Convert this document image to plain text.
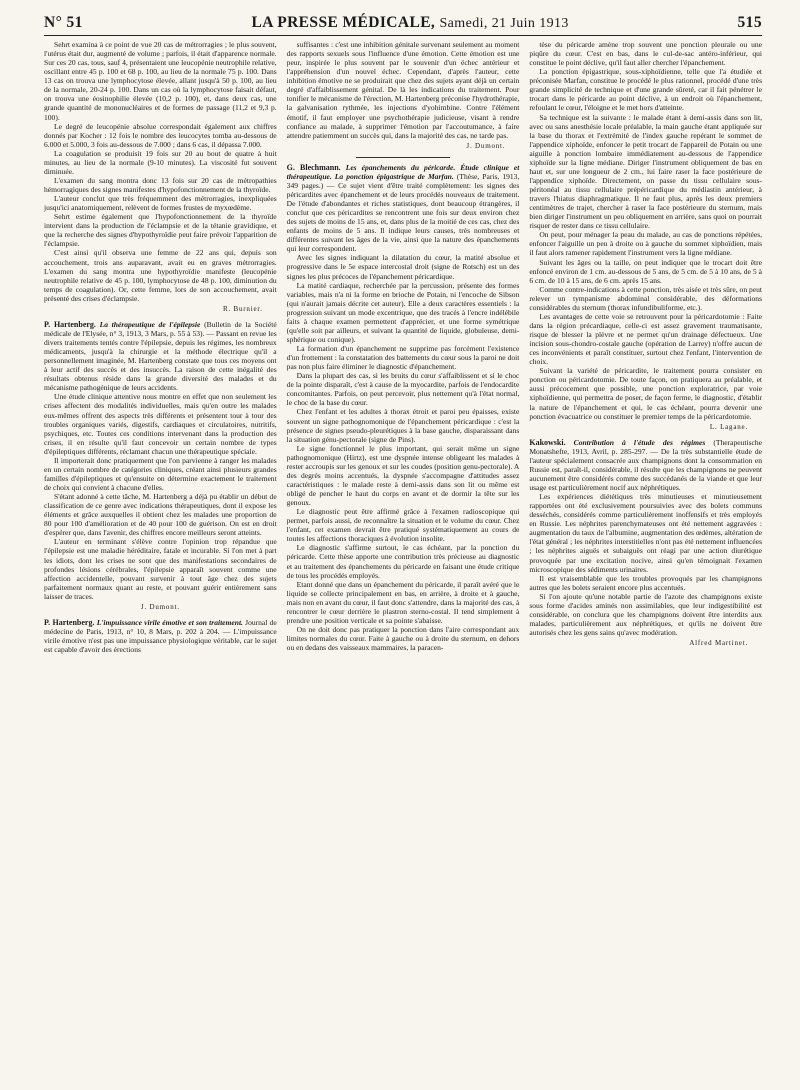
N° 51	LA PRESSE MÉDICALE, Samedi, 21 Juin 1913	515

Sehrt examina à ce point de vue 20 cas de métrorragies ; le plus souvent, l'utérus était dur, augmenté de volume ; parfois, il était d'apparence normale. Sur ces 20 cas, tous, sauf 4, présentaient une leucopénie neutrophile relative, oscillant entre 45 p. 100 et 68 p. 100, au lieu de la normale 75 p. 100. Dans 13 cas on trouva une lymphocytose élevée, allant jusqu'à 50 p. 100, au lieu de la normale, 20-24 p. 100. Dans un cas où la lymphocytose faisait défaut, on trouva une éosinophilie élevée (10,2 p. 100), et, dans deux cas, une grande quantité de mononucléaires et de formes de passage (11,2 et 9,3 p. 100).

Le degré de leucopénie absolue correspondait également aux chiffres donnés par Kocher : 12 fois le nombre des leucocytes tomba au-dessous de 6.000 et 5.000, 3 fois au-dessous de 7.000 ; dans 6 cas, il dépassa 7.000.

La coagulation se produisit 19 fois sur 20 au bout de quatre à huit minutes, au lieu de la normale (9-10 minutes). La viscosité fut souvent diminuée.

L'examen du sang montra donc 13 fois sur 20 cas de métropathies hémorragiques des signes manifestes d'hypofonctionnement de la thyroïde.

L'auteur conclut que très fréquemment des métrorragies, inexpliquées jusqu'ici anatomiquement, relèvent de formes frustes de myxœdème.

Sehrt estime également que l'hypofonctionnement de la thyroïde intervient dans la production de l'éclampsie et de la tétanie gravidique, et que la recherche des signes d'hypothyroïdie peut faire prévoir l'apparition de l'éclampsie.

C'est ainsi qu'il observa une femme de 22 ans qui, depuis son accouchement, trois ans auparavant, avait eu en graves métrorragies. L'examen du sang montra une hypothyroïdie manifeste (leucopénie neutrophile relative de 45 p. 100, lymphocytose de 48 p. 100, diminution du temps de coagulation). Or, cette femme, lors de son accouchement, avait présenté des crises d'éclampsie.

R. Burnier.

P. Hartenberg. La thérapeutique de l'épilepsie (Bulletin de la Société médicale de l'Elysée, n° 3, 1913, 3 Mars, p. 55 à 53). — Passant en revue les divers traitements tentés contre l'épilepsie, depuis les régimes, les nombreux médicaments, jusqu'à la chirurgie et la méthode électrique qu'il a personnellement imaginée, M. Hartenberg constate que tous ces moyens ont à leur actif des succès et des insuccès. La raison de cette inégalité des résultats obtenus réside dans la grande diversité des malades et du mécanisme pathogénique de leurs accidents.

Une étude clinique attentive nous montre en effet que non seulement les crises affectent des modalités individuelles, mais qu'en outre les malades eux-mêmes offrent des aspects très différents et présentent tour à tour des troubles organiques variés, digestifs, cardiaques et circulatoires, nutritifs, psychiques, etc. Toutes ces conditions intervenant dans la production des crises, il en résulte qu'il faut concevoir un certain nombre de types d'épileptiques différents, réclamant chacun une thérapeutique spéciale.

Il importerait donc pratiquement que l'on parvienne à ranger les malades en un certain nombre de catégories cliniques, créant ainsi plusieurs grandes familles d'épileptiques et qu'ensuite on détermine exactement le traitement de choix qui convient à chacune d'elles.

S'étant adonné à cette tâche, M. Hartenberg a déjà pu établir un début de classification de ce genre avec indications thérapeutiques, dont il expose les éléments et grâce auxquelles il obtient chez les malades une proportion de 80 pour 100 d'amélioration et de 40 pour 100 de guérison. On est en droit d'espérer que, dans l'avenir, des chiffres encore meilleurs seront atteints.

L'auteur en terminant s'élève contre l'opinion trop répandue que l'épilepsie est une maladie héréditaire, fatale et incurable. Si l'on met à part les idiots, dont les crises ne sont que des manifestations secondaires de profondes lésions cérébrales, l'épilepsie apparaît souvent comme une affection accidentelle, pouvant survenir à tout âge chez des sujets parfaitement normaux quant au reste, et pouvant guérir entièrement sans laisser de traces.

J. Dumont.

P. Hartenberg. L'impuissance virile émotive et son traitement. Journal de médecine de Paris, 1913, n° 10, 8 Mars, p. 202 à 204. — L'impuissance virile émotive n'est pas une impuissance physiologique véritable, car le sujet est capable d'avoir des érections

suffisantes : c'est une inhibition génitale survenant seulement au moment des rapports sexuels sous l'influence d'une émotion. Cette émotion est une peur, inspirée le plus souvent par le souvenir d'un échec antérieur et l'appréhension d'un nouvel échec. Cependant, d'après l'auteur, cette inhibition émotive ne se produirait que chez des sujets ayant déjà un certain degré d'affaiblissement génital. De là les indications du traitement. Pour tonifier le mécanisme de l'érection, M. Hartenberg préconise l'hydrothérapie, la galvanisation rythmée, les injections d'yohimbine. Contre l'élément émotif, il faut employer une psychothérapie judicieuse, visant à rendre confiance au malade, à supprimer l'émotion par l'accoutumance, à faire attendre patiemment un succès qui, dans la majorité des cas, ne tarde pas.

J. Dumont.

G. Blechmann. Les épanchements du péricarde. Étude clinique et thérapeutique. La ponction épigastrique de Marfan. (Thèse, Paris, 1913, 349 pages.) — Ce sujet vient d'être traité complètement: les signes des péricardites avec épanchement et de leurs procédés nouveaux de traitement. De l'étude d'abondantes et riches statistiques, dont beaucoup étrangères, il conclut que ces péricardites se rencontrent une fois sur deux environ chez des sujets de moins de 15 ans, et, dans plus de la moitié de ces cas, chez des enfants de moins de 5 ans. Il indique leurs causes, très nombreuses et différentes suivant les âges de la vie, ainsi que la nature des épanchements qui leur correspondent.

Avec les signes indiquant la dilatation du cœur, la matité absolue et progressive dans le 5e espace intercostal droit (signe de Rotsch) est un des signes les plus précoces de l'épanchement péricardique.

La matité cardiaque, recherchée par la percussion, présente des formes variables, mais n'a ni la forme en brioche de Potain, ni l'encoche de Sibson (qui n'aurait jamais décrite cet auteur). Elle a deux caractères essentiels : la progression suivant un mode excentrique, que des tracés à l'encre indélébile faits à chaque examen permettent d'apprécier, et une forme symétrique (qu'elle soit par ailleurs, et suivant la quantité de liquide, globuleuse, demi-sphérique ou conique).

La formation d'un épanchement ne supprime pas forcément l'existence d'un frottement : la constatation des battements du cœur sous la paroi ne doit pas non plus faire éliminer le diagnostic d'épanchement.

Dans la plupart des cas, si les bruits du cœur s'affaiblissent et si le choc de la pointe disparaît, c'est à cause de la myocardite, parfois de l'endocardite concomitantes. Parfois, on peut percevoir, plus nettement qu'à l'état normal, le choc de la base du cœur.

Chez l'enfant et les adultes à thorax étroit et paroi peu épaisses, existe souvent un signe pathognomonique de l'épanchement péricardique : c'est la présence de signes pseudo-pleurétiques à la base gauche, disparaissant dans la situation génu-pectorale (signe de Pins).

Le signe fonctionnel le plus important, qui serait même un signe pathognomonique (Hirtz), est une dyspnée intense obligeant les malades à rester accroupis sur les genoux et sur les coudes (position genu-pectorale). A des degrés moins accentués, la dyspnée s'accompagne d'attitudes assez caractéristiques : le malade reste à demi-assis dans son lit ou même est obligé de pencher le haut du corps en avant et de dormir la tête sur les genoux.

Le diagnostic peut être affirmé grâce à l'examen radioscopique qui permet, parfois aussi, de reconnaître la situation et le volume du cœur. Chez l'enfant, cet examen devrait être pratiqué systématiquement au cours de toutes les affections thoraciques à évolution insolite.

Le diagnostic s'affirme surtout, le cas échéant, par la ponction du péricarde. Cette thèse apporte une contribution très précieuse au diagnostic et au traitement des épanchements du péricarde en faisant une étude critique de tous les procédés employés.

Etant donné que dans un épanchement du péricarde, il paraît avéré que le liquide se collecte principalement en bas, en arrière, à droite et à gauche, mais non en avant du cœur, il faut donc s'attendre, dans la majorité des cas, à rencontrer le cœur derrière le plastron sterno-costal. Il tend simplement à prendre une position verticale et sa pointe s'abaisse.

On ne doit donc pas pratiquer la ponction dans l'aire correspondant aux limites normales du cœur. Faite à gauche ou à droite du sternum, en dehors ou en dedans des vaisseaux mammaires, la paracen-

tèse du péricarde amène trop souvent une ponction pleurale ou une piqûre du cœur. C'est en bas, dans le cul-de-sac antéro-inférieur, qui constitue le point déclive, qu'il faut aller chercher l'épanchement.

La ponction épigastrique, sous-xiphoïdienne, telle que l'a étudiée et préconisée Marfan, constitue le procédé le plus rationnel, procédé d'une très grande simplicité de technique et d'une grande sûreté, car il fait pénétrer le trocart dans le péricarde au point déclive, à un endroit où l'épanchement, refoulant le cœur, l'éloigne et le met hors d'atteinte.

Sa technique est la suivante : le malade étant à demi-assis dans son lit, avec ou sans anesthésie locale préalable, la main gauche étant appliquée sur la base du thorax et l'extrémité de l'index gauche repérant le sommet de l'appendice xiphoïde, enfoncer le petit trocart de l'appareil de Potain ou une aiguille à ponction lombaire immédiatement au-dessous de l'appendice xiphoïde sur la ligne médiane. Diriger l'instrument obliquement de bas en haut et, sur une longueur de 2 cm., lui faire raser la face postérieure de l'appendice xiphoïde. Directement, on passe du tissu cellulaire sous-péritonéal au tissu cellulaire prépéricardique du médiastin antérieur, à travers l'hiatus diaphragmatique. Il ne faut plus, après les deux premiers centimètres de trajet, chercher à raser la face postérieure du sternum, mais bien diriger l'instrument un peu obliquement en arrière, sans quoi on pourrait risquer de rester dans ce tissu cellulaire.

On peut, pour ménager la peau du malade, au cas de ponctions répétées, enfoncer l'aiguille un peu à droite ou à gauche du sommet xiphoïdien, mais il faut alors ramener rapidement l'instrument vers la ligne médiane.

Suivant les âges ou la taille, on peut indiquer que le trocart doit être enfoncé environ de 1 cm. au-dessous de 5 ans, de 5 cm. de 5 à 10 ans, de 5 à 6 cm. de 10 à 15 ans, de 6 cm. après 15 ans.

Comme contre-indications à cette ponction, très aisée et très sûre, on peut relever un tympanisme abdominal considérable, des déformations considérables du sternum (thorax infundibuliforme, etc.).

Les avantages de cette voie se retrouvent pour la péricardotomie : Faite dans la région précardiaque, celle-ci est assez gravement traumatisante, risque de blesser la plèvre et ne permet qu'un drainage défectueux. Une incision sous-chondro-costale gauche (opération de Larrey) n'offre aucun de ces inconvénients et paraît constituer, surtout chez l'enfant, l'intervention de choix.

Suivant la variété de péricardite, le traitement pourra consister en ponction ou péricardotomie. De toute façon, on pratiquera au préalable, et aussi précocement que possible, une ponction exploratrice, par voie xiphoïdienne, qui permettra de poser, de façon ferme, le diagnostic, d'établir la nature de l'épanchement et qui, le cas échéant, pourra devenir une ponction évacuatrice ou constituer le premier temps de la péricardotomie.

L. Lagane.

Kakowski. Contribution à l'étude des régimes (Therapeutische Monatshefte, 1913, Avril, p. 285-297. — De la très substantielle étude de l'auteur spécialement consacrée aux champignons dont la consommation en Russie est, paraît-il, considérable, il résulte que les champignons ne peuvent aucunement être considérés comme des succédanés de la viande et que leur usage est particulièrement nocif aux néphrétiques.

Les expériences diététiques très minutieuses et minutieusement rapportées ont été exclusivement poursuivies avec des bolets communs desséchés, considérés comme particulièrement inoffensifs et très employés en Russie. Les néphrites parenchymateuses ont été nettement aggravées : augmentation du taux de l'albumine, augmentation des œdèmes, altération de l'état général ; les néphrites interstitielles n'ont pas été nettement influencées ; les néphrites aiguës et subaiguës ont réagi par une action diurétique provoquée par une excitation nocive, ainsi qu'en témoignait l'examen microscopique des sédiments urinaires.

Il est vraisemblable que les troubles provoqués par les champignons autres que les bolets seraient encore plus accentués.

Si l'on ajoute qu'une notable partie de l'azote des champignons existe sous forme d'acides aminés non assimilables, que leur indigestibilité est considérable, on conclura que les champignons doivent être interdits aux malades, particulièrement aux néphrétiques, et qu'ils ne doivent être autorisés chez les gens sains qu'avec modération.

Alfred Martinet.
